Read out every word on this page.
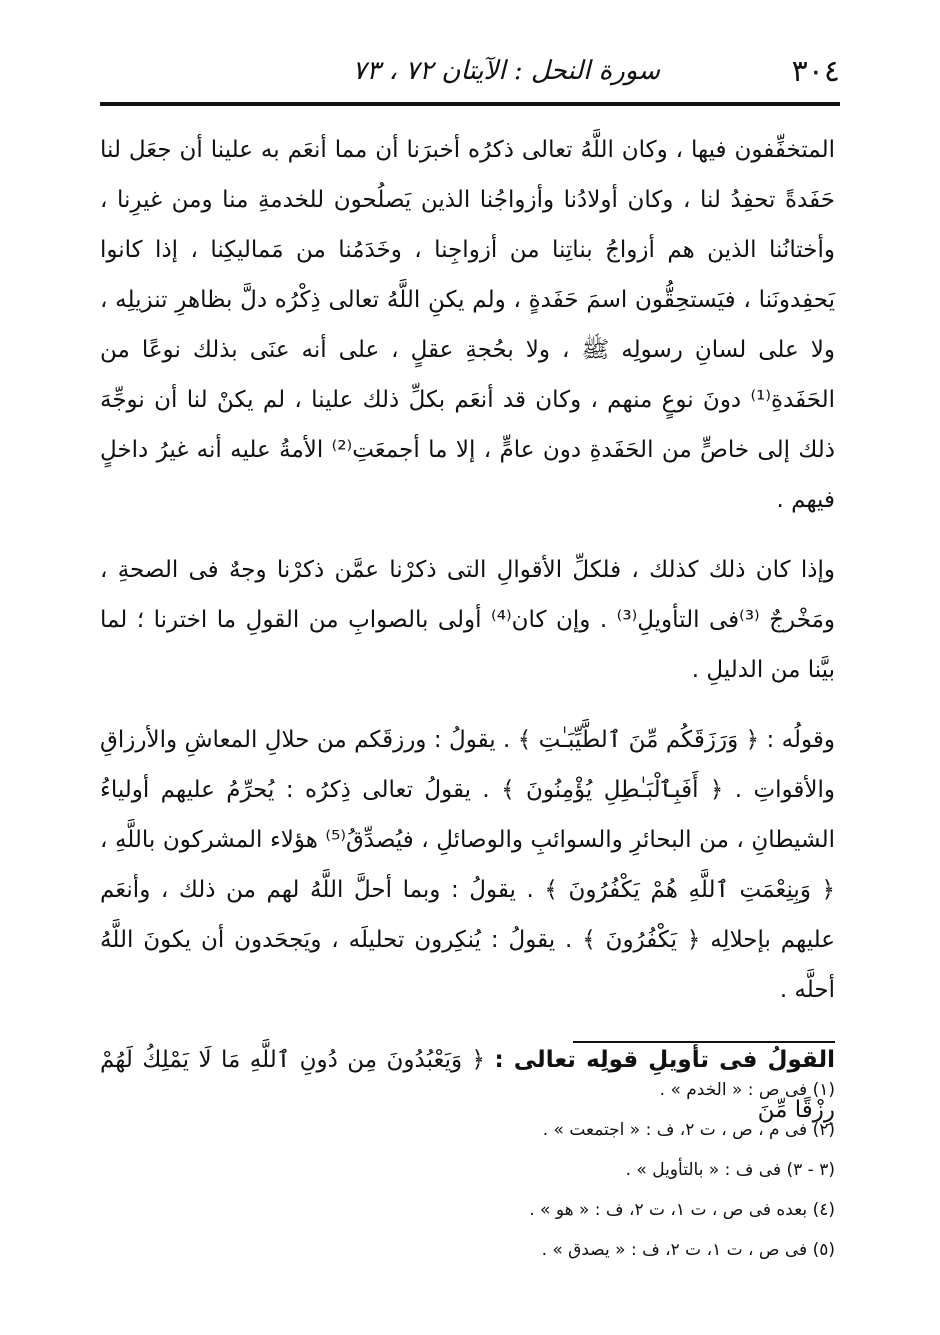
٣٠٤
سورة النحل : الآيتان ٧٢ ، ٧٣

المتخفِّفون فيها ، وكان اللَّهُ تعالى ذكرُه أخبرَنا أن مما أنعَم به علينا أن جعَل لنا حَفَدةً تحفِدُ لنا ، وكان أولادُنا وأزواجُنا الذين يَصلُحون للخدمةِ منا ومن غيرِنا ، وأختانُنا الذين هم أزواجُ بناتِنا من أزواجِنا ، وخَدَمُنا من مَماليكِنا ، إذا كانوا يَحفِدونَنا ، فيَستحِقُّون اسمَ حَفَدةٍ ، ولم يكنِ اللَّهُ تعالى ذِكْرُه دلَّ بظاهرِ تنزيلِه ، ولا على لسانِ رسولِه ﷺ ، ولا بحُجةِ عقلٍ ، على أنه عنَى بذلك نوعًا من الحَفَدةِ⁽¹⁾ دونَ نوعٍ منهم ، وكان قد أنعَم بكلِّ ذلك علينا ، لم يكنْ لنا أن نوجِّهَ ذلك إلى خاصٍّ من الحَفَدةِ دون عامٍّ ، إلا ما أجمعَتِ⁽²⁾ الأمةُ عليه أنه غيرُ داخلٍ فيهم .

وإذا كان ذلك كذلك ، فلكلِّ الأقوالِ التى ذكرْنا عمَّن ذكرْنا وجهٌ فى الصحةِ ، ومَخْرجٌ ⁽³⁾فى التأويلِ⁽³⁾ . وإن كان⁽⁴⁾ أولى بالصوابِ من القولِ ما اخترنا ؛ لما بيَّنا من الدليلِ .

وقولُه : ﴿ وَرَزَقَكُم مِّنَ ٱلطَّيِّبَـٰتِ ﴾ . يقولُ : ورزقَكم من حلالِ المعاشِ والأرزاقِ والأقواتِ . ﴿ أَفَبِٱلْبَـٰطِلِ يُؤْمِنُونَ ﴾ . يقولُ تعالى ذِكرُه : يُحرِّمُ عليهم أولياءُ الشيطانِ ، من البحائرِ والسوائبِ والوصائلِ ، فيُصدِّقُ⁽⁵⁾ هؤلاء المشركون باللَّهِ ، ﴿ وَبِنِعْمَتِ ٱللَّهِ هُمْ يَكْفُرُونَ ﴾ . يقولُ : وبما أحلَّ اللَّهُ لهم من ذلك ، وأنعَم عليهم بإحلالِه ﴿ يَكْفُرُونَ ﴾ . يقولُ : يُنكِرون تحليلَه ، ويَجحَدون أن يكونَ اللَّهُ أحلَّه .

القولُ فى تأويلِ قولِه تعالى : ﴿ وَيَعْبُدُونَ مِن دُونِ ٱللَّهِ مَا لَا يَمْلِكُ لَهُمْ رِزْقًا مِّنَ

(١) فى ص : « الخدم » .
(٢) فى م ، ص ، ت ٢، ف : « اجتمعت » .
(٣ - ٣) فى ف : « بالتأويل » .
(٤) بعده فى ص ، ت ١، ت ٢، ف : « هو » .
(٥) فى ص ، ت ١، ت ٢، ف : « يصدق » .
